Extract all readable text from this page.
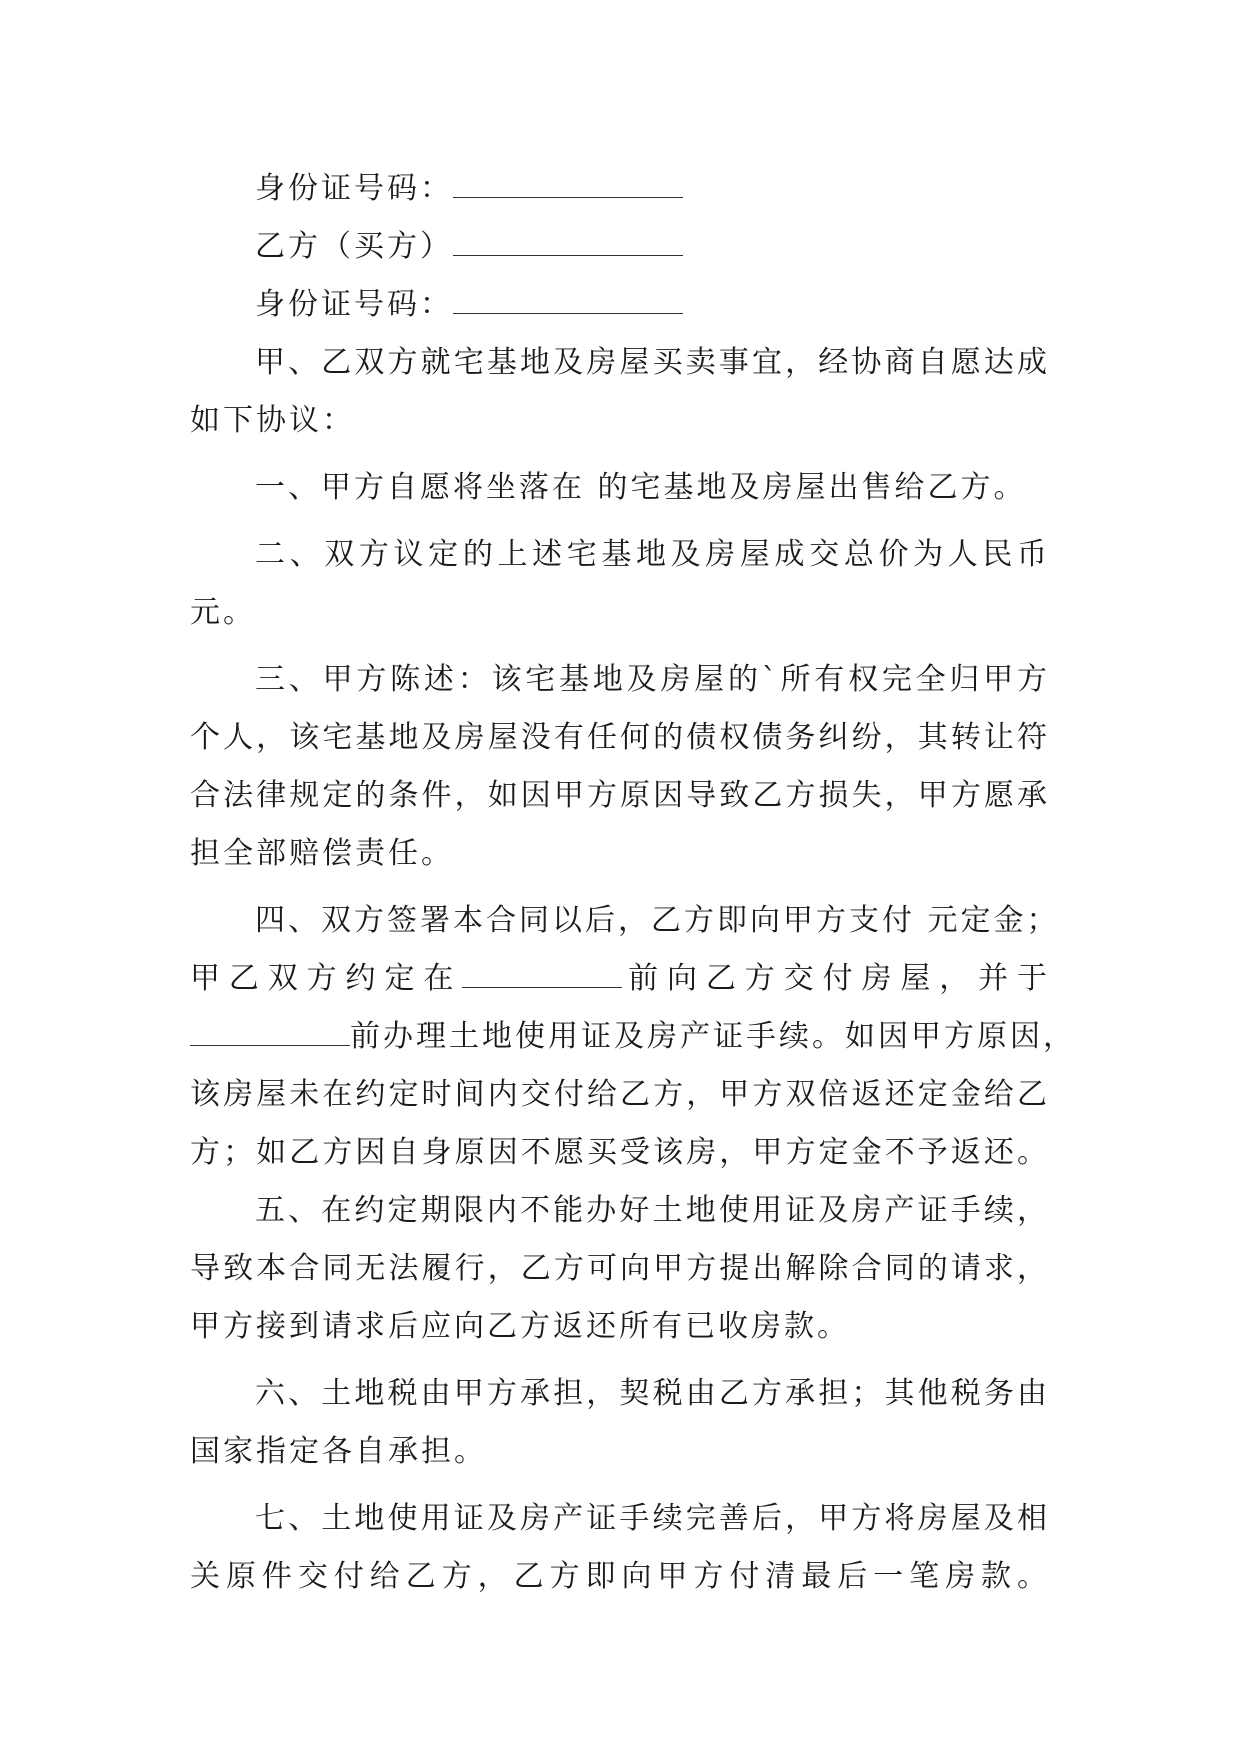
身份证号码：
乙方（买方）
身份证号码：
甲、乙双方就宅基地及房屋买卖事宜，经协商自愿达成
如下协议：
一、甲方自愿将坐落在 的宅基地及房屋出售给乙方。
二、双方议定的上述宅基地及房屋成交总价为人民币
元。
三、甲方陈述：该宅基地及房屋的`所有权完全归甲方
个人，该宅基地及房屋没有任何的债权债务纠纷，其转让符
合法律规定的条件，如因甲方原因导致乙方损失，甲方愿承
担全部赔偿责任。
四、双方签署本合同以后，乙方即向甲方支付 元定金；
甲乙双方约定在	前向乙方交付房屋，并于
前办理土地使用证及房产证手续。如因甲方原因，
该房屋未在约定时间内交付给乙方，甲方双倍返还定金给乙
方；如乙方因自身原因不愿买受该房，甲方定金不予返还。
五、在约定期限内不能办好土地使用证及房产证手续，
导致本合同无法履行，乙方可向甲方提出解除合同的请求，
甲方接到请求后应向乙方返还所有已收房款。
六、土地税由甲方承担，契税由乙方承担；其他税务由
国家指定各自承担。
七、土地使用证及房产证手续完善后，甲方将房屋及相
关原件交付给乙方，乙方即向甲方付清最后一笔房款。
